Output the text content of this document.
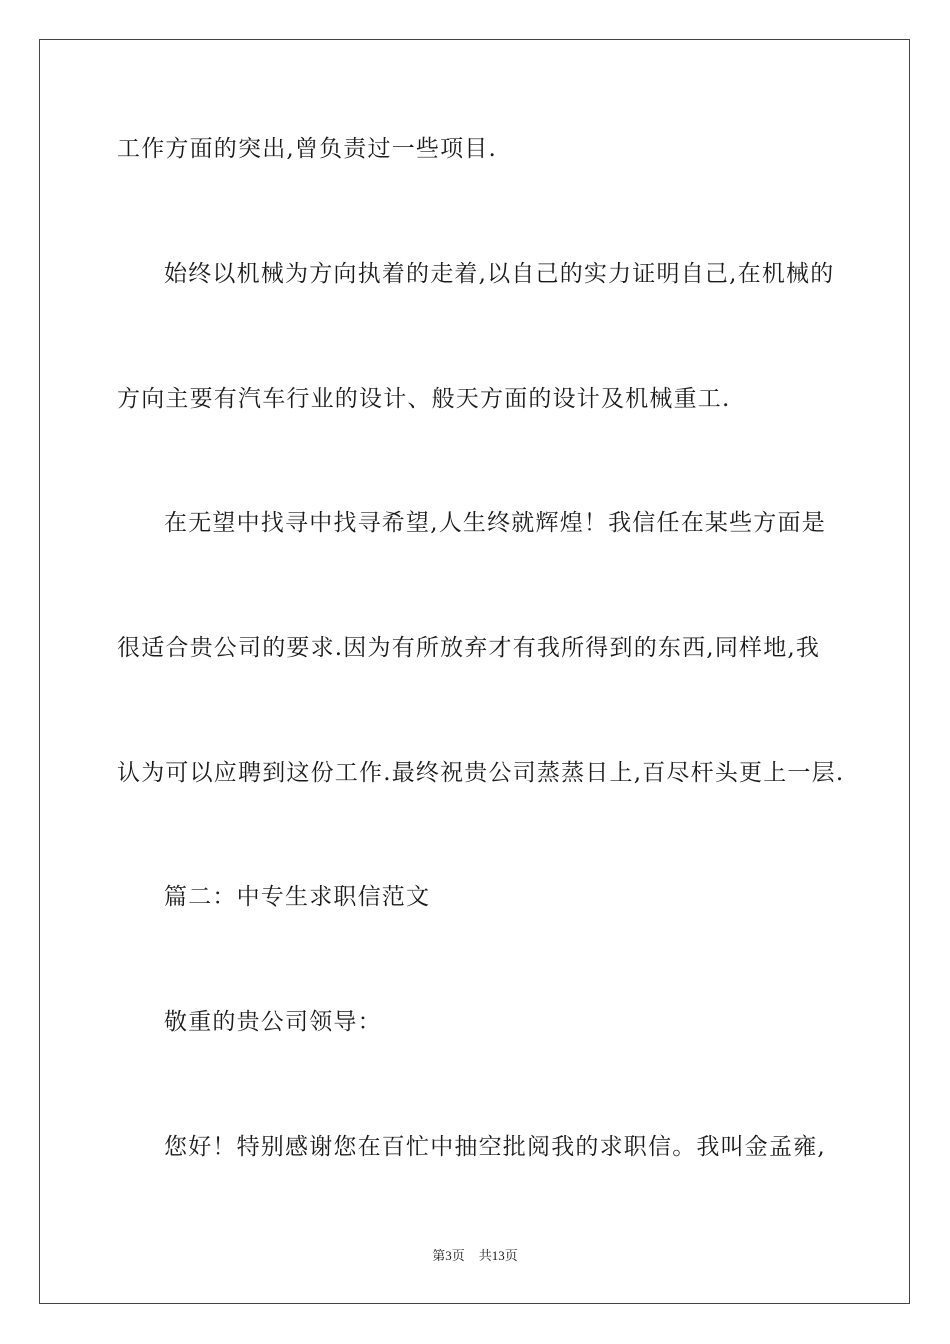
工作方面的突出,曾负责过一些项目.
始终以机械为方向执着的走着,以自己的实力证明自己,在机械的
方向主要有汽车行业的设计、般天方面的设计及机械重工.
在无望中找寻中找寻希望,人生终就辉煌！我信任在某些方面是
很适合贵公司的要求.因为有所放弃才有我所得到的东西,同样地,我
认为可以应聘到这份工作.最终祝贵公司蒸蒸日上,百尽杆头更上一层.
篇二：中专生求职信范文
敬重的贵公司领导：
您好！特别感谢您在百忙中抽空批阅我的求职信。我叫金孟雍,
第3页 共13页
